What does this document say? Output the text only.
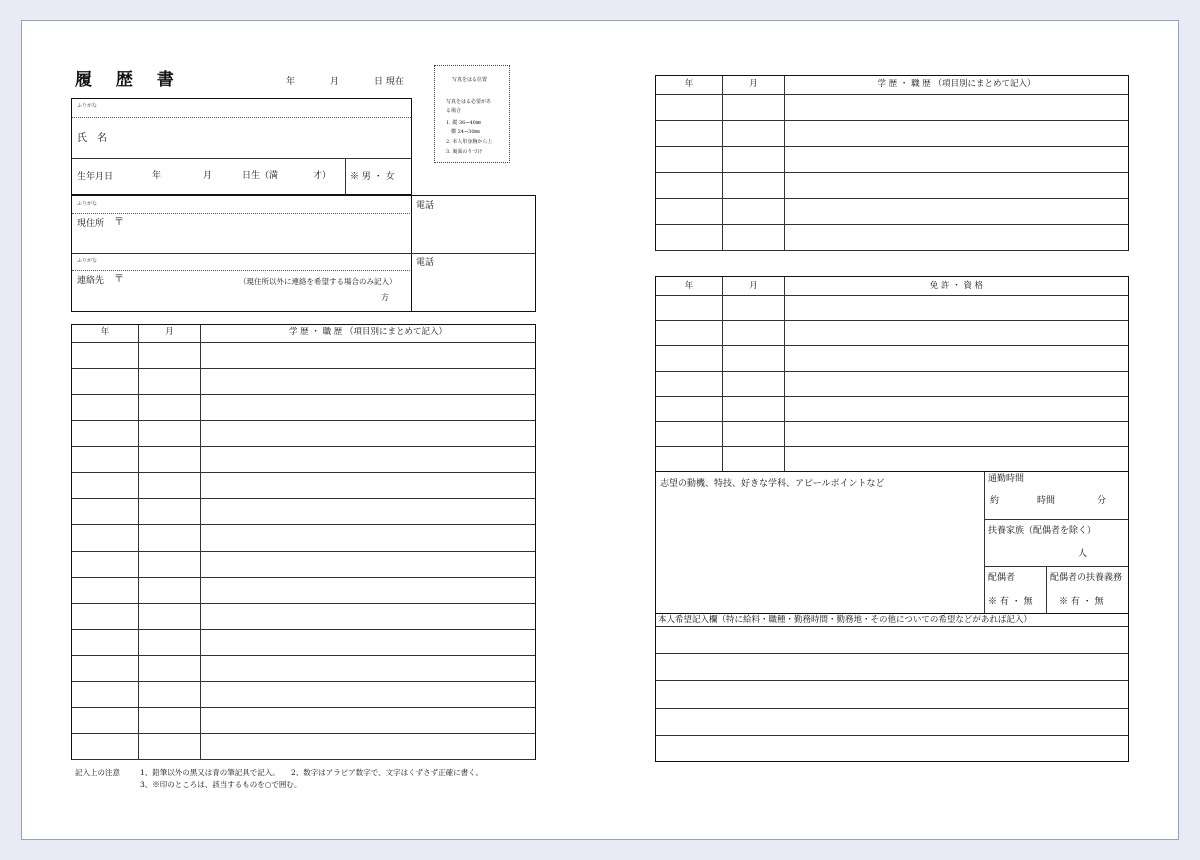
履 歴 書	年	月	日 現在	写真をはる位置
写真をはる必要があ
る場合
1. 縦 36~40㎜
横 24~30㎜
2. 本人単身胸から上
3. 裏面のりづけ
ふりがな
氏　名
生年月日	年	月	日生（満	才） ※ 男 ・ 女
ふりがな
現住所 〒
電話
ふりがな
連絡先 〒	（現住所以外に連絡を希望する場合のみ記入）
方
電話
年	月	学 歴 ・ 職 歴 （項目別にまとめて記入）
記入上の注意	1、鉛筆以外の黒又は青の筆記具で記入。　　2、数字はアラビア数字で、文字はくずさず正確に書く。
3、※印のところは、該当するものを○で囲む。
年	月	学 歴 ・ 職 歴 （項目別にまとめて記入）
年	月	免 許 ・ 資 格
志望の動機、特技、好きな学科、アピールポイントなど	通勤時間
約	時間	分
扶養家族（配偶者を除く）
人
配偶者
※ 有 ・ 無
配偶者の扶養義務
※ 有 ・ 無
本人希望記入欄（特に給料・職種・勤務時間・勤務地・その他についての希望などがあれば記入）
